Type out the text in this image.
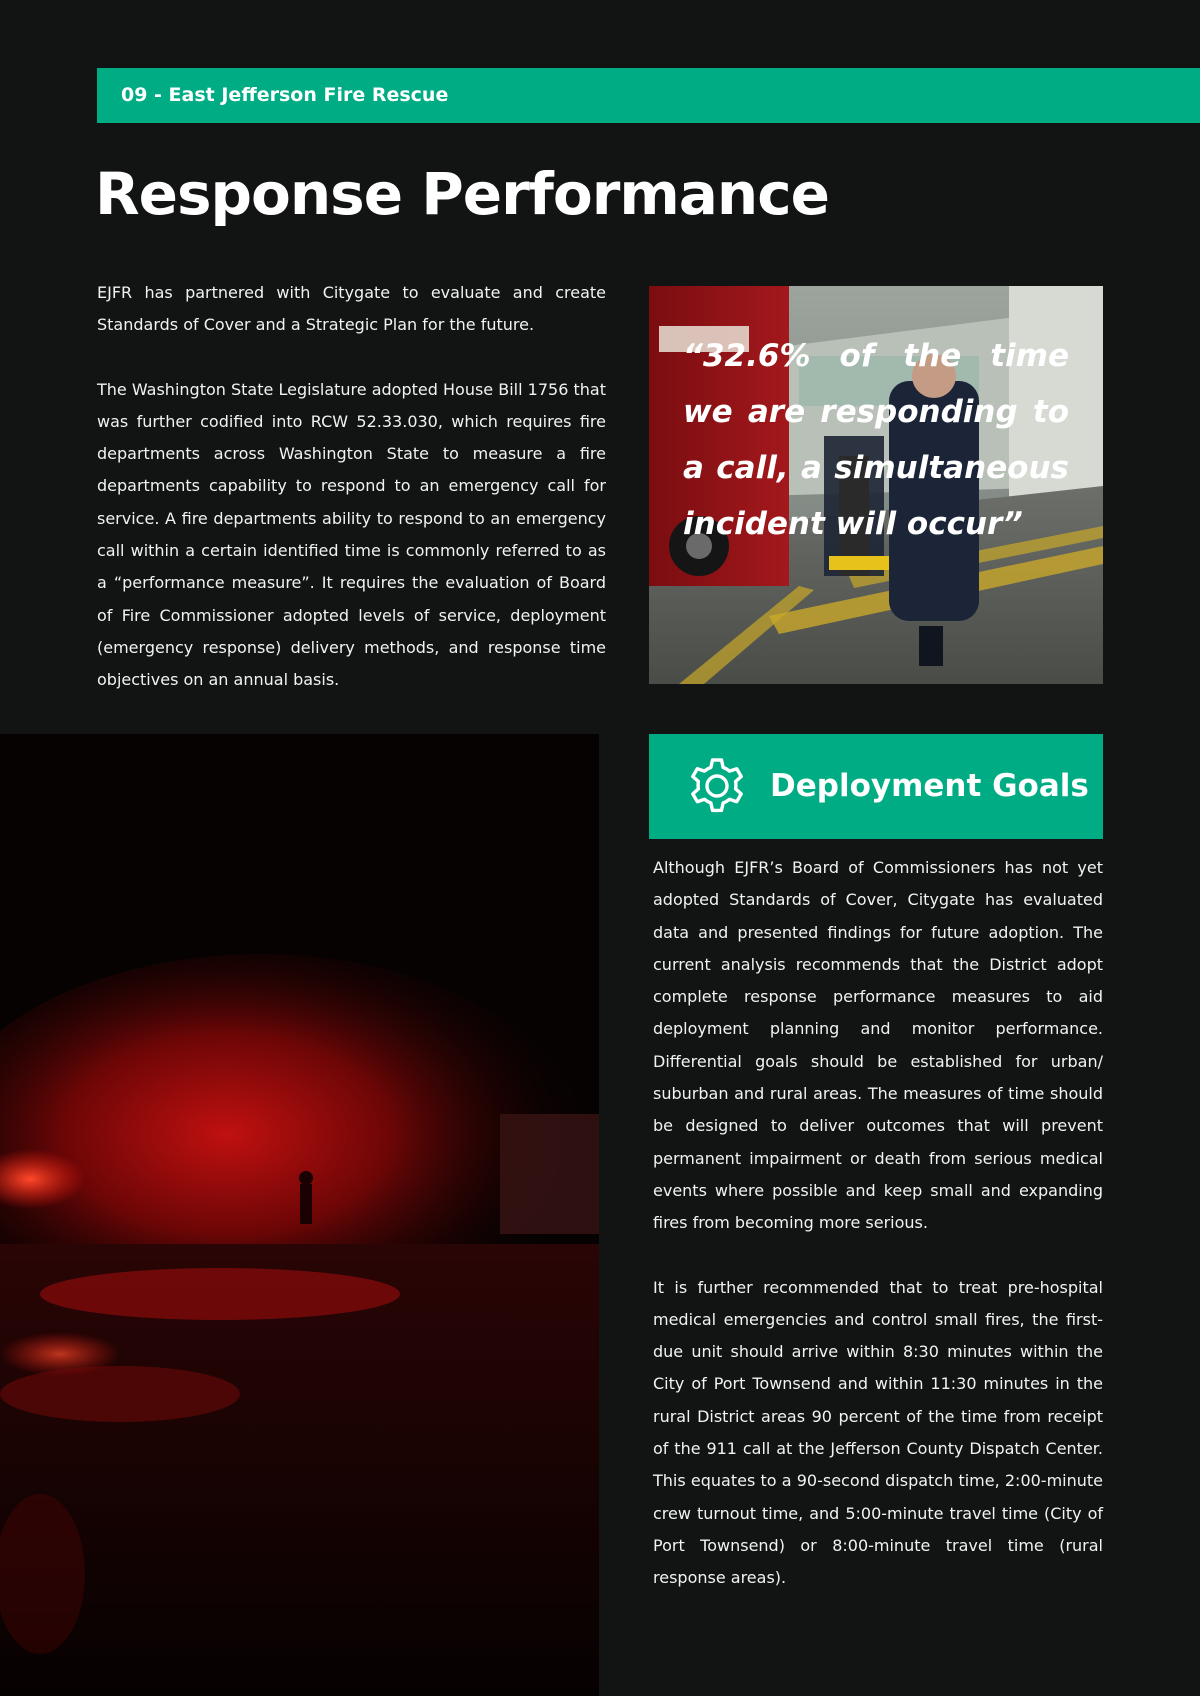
09 - East Jefferson Fire Rescue
Response Performance

EJFR has partnered with Citygate to evaluate and create Standards of Cover and a Strategic Plan for the future.

The Washington State Legislature adopted House Bill 1756 that was further codified into RCW 52.33.030, which requires fire departments across Washington State to measure a fire departments capability to respond to an emergency call for service. A fire departments ability to respond to an emergency call within a certain identified time is commonly referred to as a “performance measure”. It requires the evaluation of Board of Fire Commissioner adopted levels of service, deployment (emergency response) delivery methods, and response time objectives on an annual basis.

“32.6% of the time we are responding to a call, a simultaneous incident will occur”

Deployment Goals

Although EJFR’s Board of Commissioners has not yet adopted Standards of Cover, Citygate has evaluated data and presented findings for future adoption. The current analysis recommends that the District adopt complete response performance measures to aid deployment planning and monitor performance. Differential goals should be established for urban/ suburban and rural areas. The measures of time should be designed to deliver outcomes that will prevent permanent impairment or death from serious medical events where possible and keep small and expanding fires from becoming more serious.

It is further recommended that to treat pre-hospital medical emergencies and control small fires, the first-due unit should arrive within 8:30 minutes within the City of Port Townsend and within 11:30 minutes in the rural District areas 90 percent of the time from receipt of the 911 call at the Jefferson County Dispatch Center. This equates to a 90-second dispatch time, 2:00-minute crew turnout time, and 5:00-minute travel time (City of Port Townsend) or 8:00-minute travel time (rural response areas).
